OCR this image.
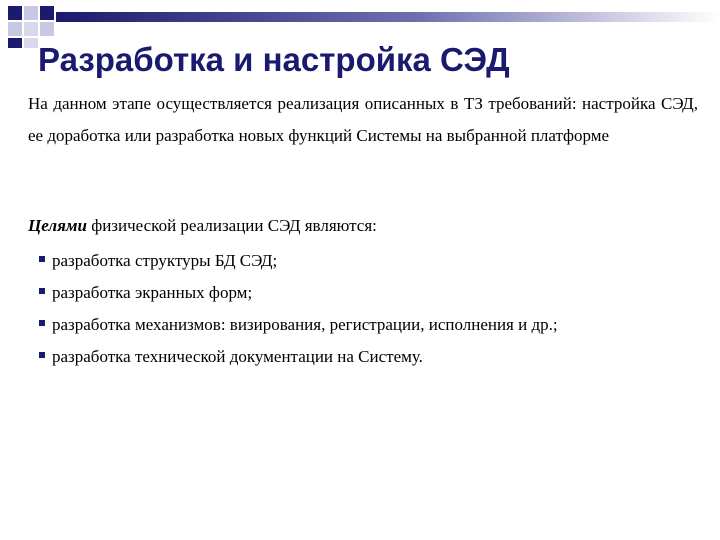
Разработка и настройка СЭД

На данном этапе осуществляется реализация описанных в ТЗ требований: настройка СЭД, ее доработка или разработка новых функций Системы на выбранной платформе

Целями физической реализации СЭД являются:

разработка структуры БД СЭД;
разработка экранных форм;
разработка механизмов: визирования, регистрации, исполнения и др.;
разработка технической документации на Систему.
